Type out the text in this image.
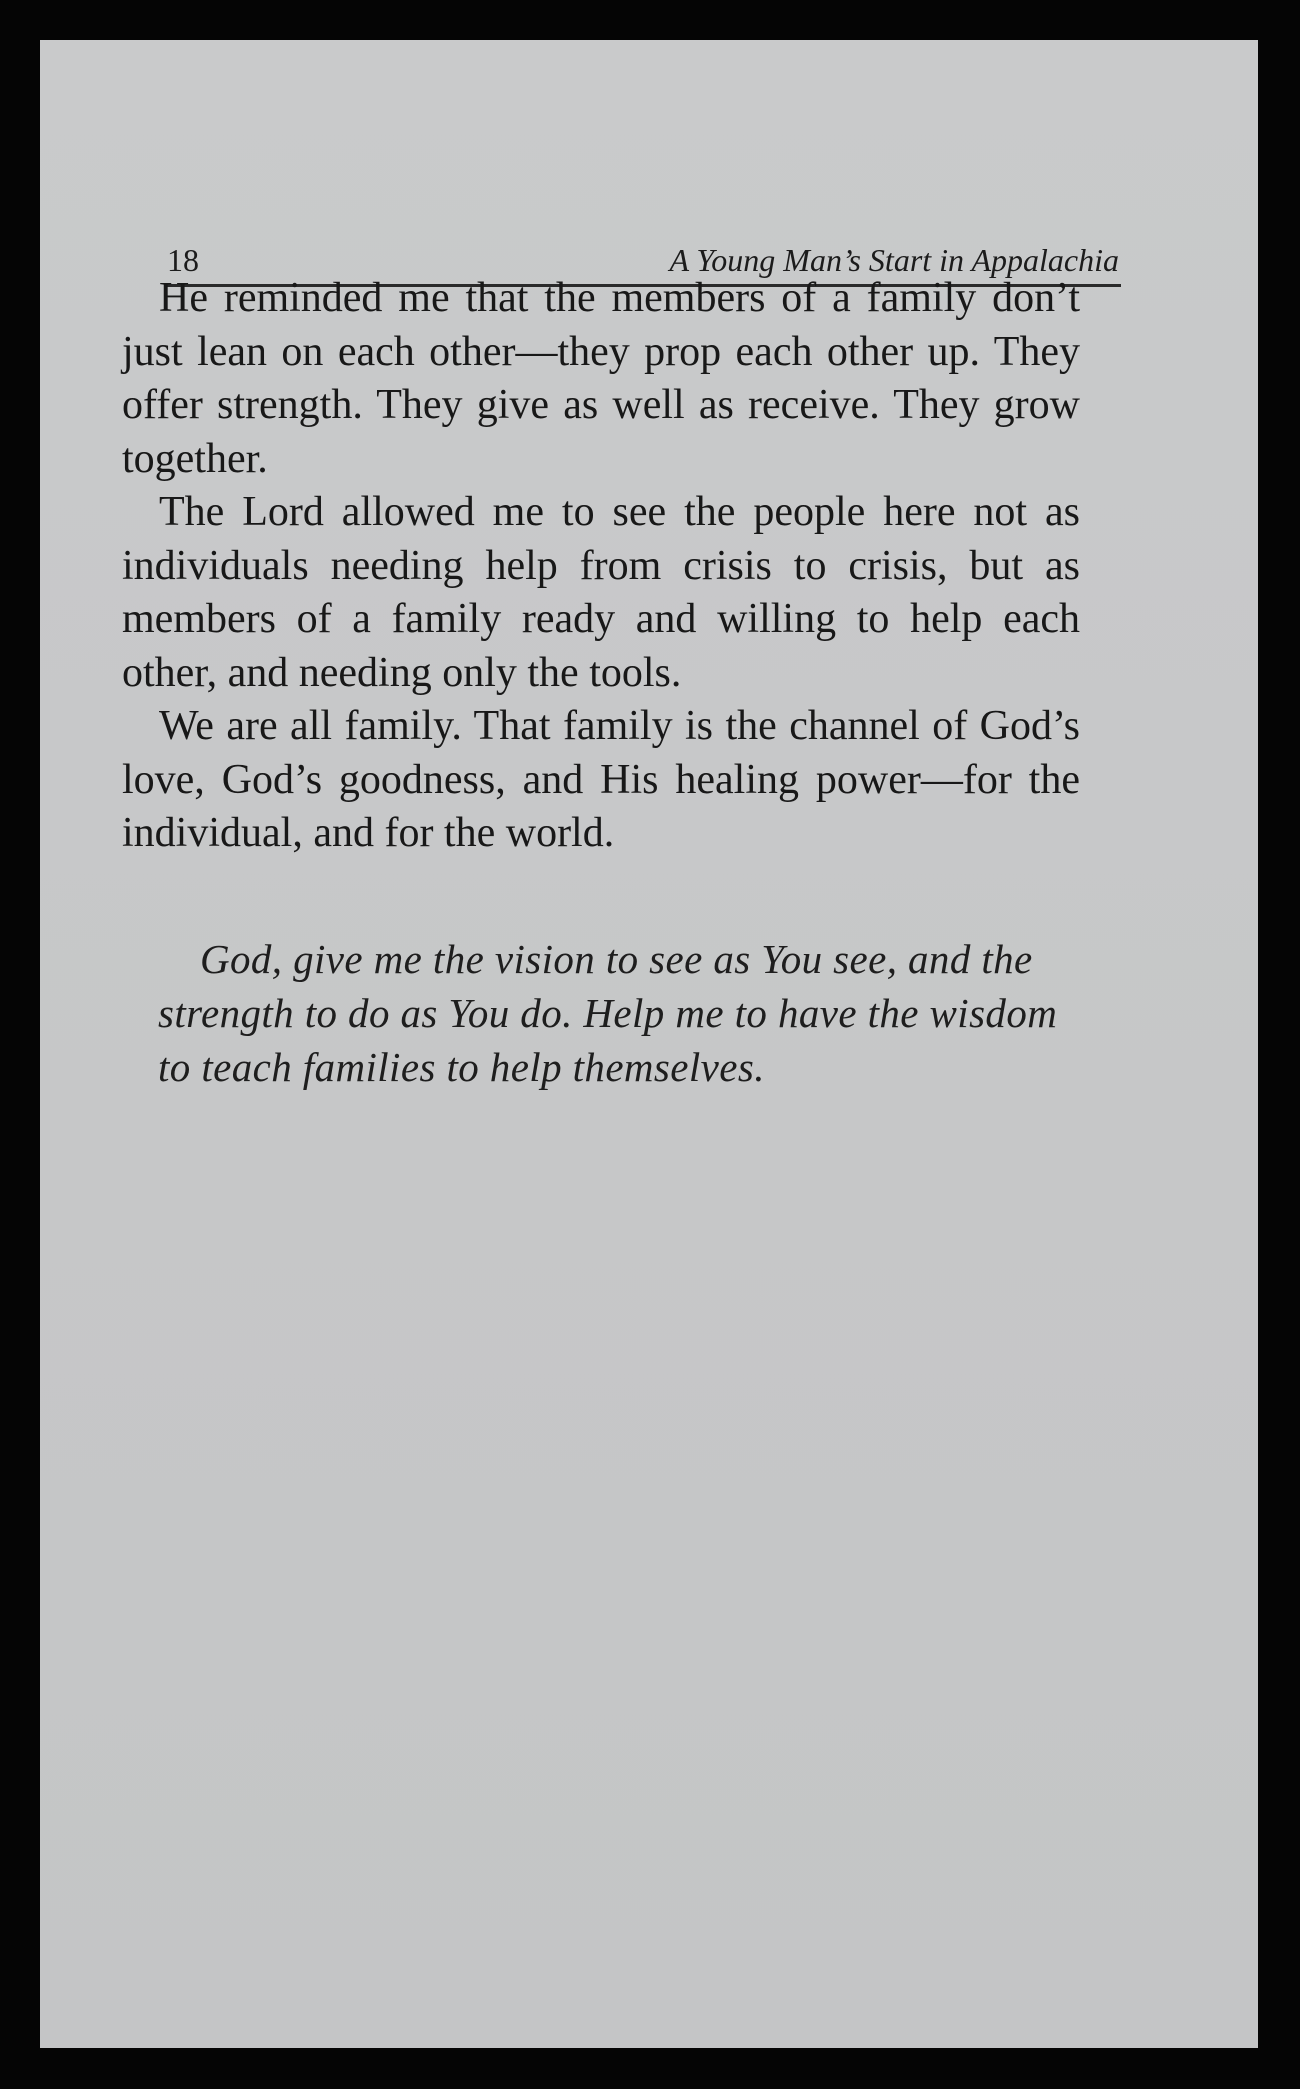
18	A Young Man’s Start in Appalachia

He reminded me that the members of a family don’t just lean on each other—they prop each other up. They offer strength. They give as well as receive. They grow together.

The Lord allowed me to see the people here not as individuals needing help from crisis to crisis, but as members of a family ready and willing to help each other, and needing only the tools.

We are all family. That family is the channel of God’s love, God’s goodness, and His healing power—for the individual, and for the world.

God, give me the vision to see as You see, and the strength to do as You do. Help me to have the wisdom to teach families to help themselves.
